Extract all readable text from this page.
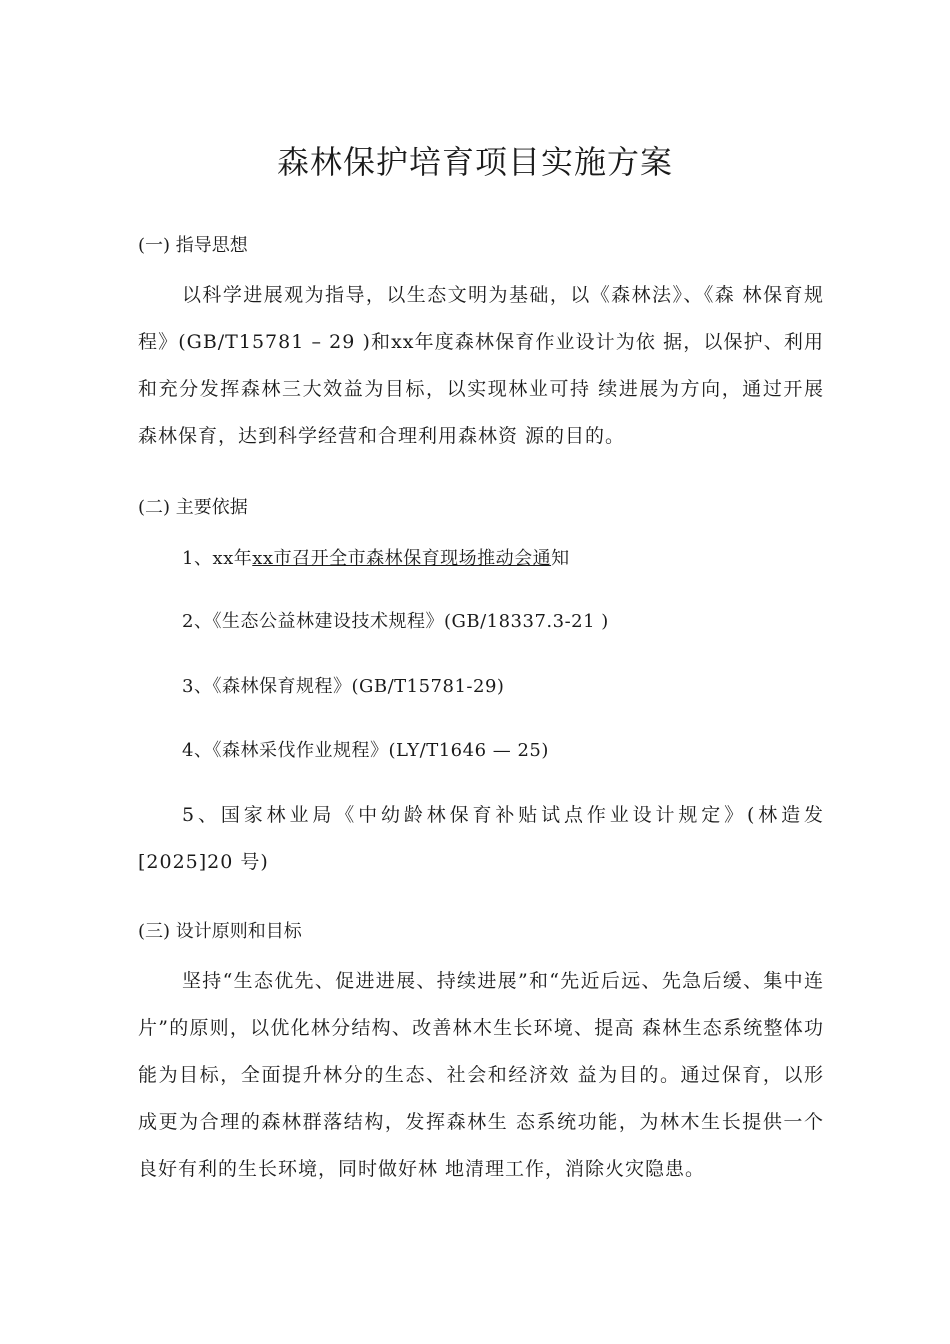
森林保护培育项目实施方案
(一) 指导思想
以科学进展观为指导，以生态文明为基础，以《森林法》、《森 林保育规程》(GB/T15781 – 29 )和xx年度森林保育作业设计为依 据，以保护、利用和充分发挥森林三大效益为目标，以实现林业可持 续进展为方向，通过开展森林保育，达到科学经营和合理利用森林资 源的目的。
(二) 主要依据
1、xx年xx市召开全市森林保育现场推动会通知
2、《生态公益林建设技术规程》(GB/18337.3-21 )
3、《森林保育规程》(GB/T15781-29)
4、《森林采伐作业规程》(LY/T1646 — 25)
5、国家林业局《中幼龄林保育补贴试点作业设计规定》(林造发[2025]20 号)
(三) 设计原则和目标
坚持“生态优先、促进进展、持续进展”和“先近后远、先急后缓、集中连片”的原则，以优化林分结构、改善林木生长环境、提高 森林生态系统整体功能为目标，全面提升林分的生态、社会和经济效 益为目的。通过保育，以形成更为合理的森林群落结构，发挥森林生 态系统功能，为林木生长提供一个良好有利的生长环境，同时做好林 地清理工作，消除火灾隐患。
